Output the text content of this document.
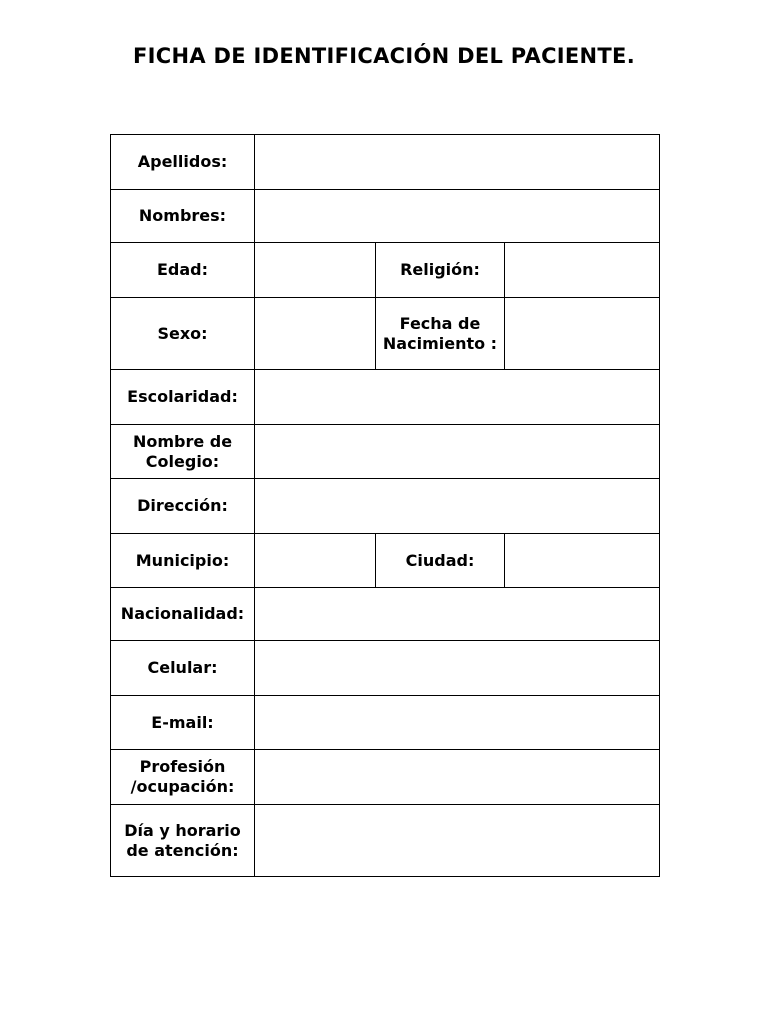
FICHA DE IDENTIFICACIÓN DEL PACIENTE.
Apellidos:			
Nombres:			
Edad:		Religión:	
Sexo:		Fecha de Nacimiento :	
Escolaridad:			
Nombre de Colegio:			
Dirección:			
Municipio:		Ciudad:	
Nacionalidad:			
Celular:			
E-mail:			
Profesión /ocupación:			
Día y horario de atención:			
